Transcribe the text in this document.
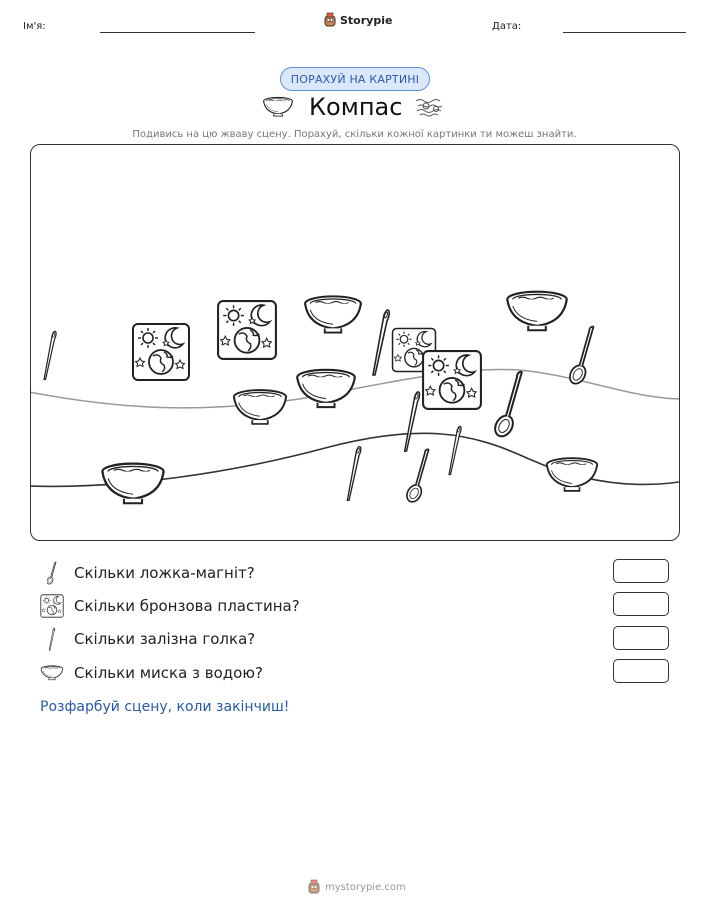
Ім'я:	Storypie	Дата:
ПОРАХУЙ НА КАРТИНІ
Компас
Подивись на цю жваву сцену. Порахуй, скільки кожної картинки ти можеш знайти.
Скільки ложка-магніт?
Скільки бронзова пластина?
Скільки залізна голка?
Скільки миска з водою?
Розфарбуй сцену, коли закінчиш!
mystorypie.com
